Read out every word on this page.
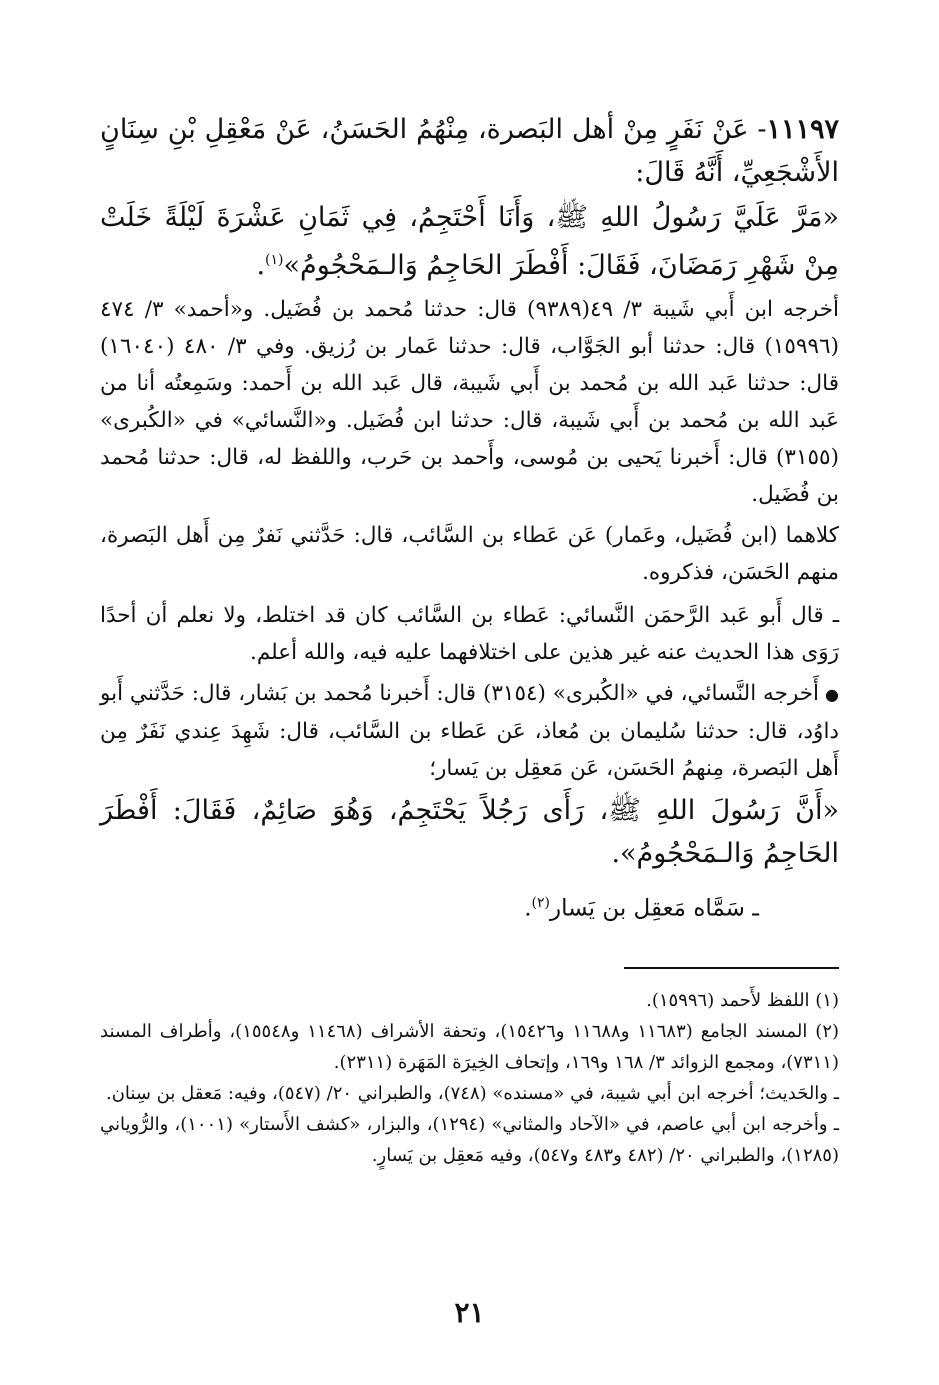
١١١٩٧- عَنْ نَفَرٍ مِنْ أهل البَصرة، مِنْهُمُ الحَسَنُ، عَنْ مَعْقِلِ بْنِ سِنَانٍ الأَشْجَعِيِّ، أَنَّهُ قَالَ:

«مَرَّ عَلَيَّ رَسُولُ اللهِ ﷺ، وَأَنَا أَحْتَجِمُ، فِي ثَمَانِ عَشْرَةَ لَيْلَةً خَلَتْ مِنْ شَهْرِ رَمَضَانَ، فَقَالَ: أَفْطَرَ الحَاجِمُ وَالـمَحْجُومُ»$^{(١)}$.

أخرجه ابن أَبي شَيبة ٣/ ٤٩(٩٣٨٩) قال: حدثنا مُحمد بن فُضَيل. و«أحمد» ٣/ ٤٧٤ (١٥٩٩٦) قال: حدثنا أبو الجَوَّاب، قال: حدثنا عَمار بن رُزيق. وفي ٣/ ٤٨٠ (١٦٠٤٠) قال: حدثنا عَبد الله بن مُحمد بن أَبي شَيبة، قال عَبد الله بن أَحمد: وسَمِعتُه أنا من عَبد الله بن مُحمد بن أَبي شَيبة، قال: حدثنا ابن فُضَيل. و«النَّسائي» في «الكُبرى» (٣١٥٥) قال: أَخبرنا يَحيى بن مُوسى، وأَحمد بن حَرب، واللفظ له، قال: حدثنا مُحمد بن فُضَيل.

كلاهما (ابن فُضَيل، وعَمار) عَن عَطاء بن السَّائب، قال: حَدَّثني نَفرٌ مِن أَهل البَصرة، منهم الحَسَن، فذكروه.

ـ قال أَبو عَبد الرَّحمَن النَّسائي: عَطاء بن السَّائب كان قد اختلط، ولا نعلم أن أحدًا رَوَى هذا الحديث عنه غير هذين على اختلافهما عليه فيه، والله أعلم.

●أَخرجه النَّسائي، في «الكُبرى» (٣١٥٤) قال: أَخبرنا مُحمد بن بَشار، قال: حَدَّثني أَبو داوُد، قال: حدثنا سُليمان بن مُعاذ، عَن عَطاء بن السَّائب، قال: شَهِدَ عِندي نَفَرٌ مِن أَهل البَصرة، مِنهمُ الحَسَن، عَن مَعقِل بن يَسار؛

«أَنَّ رَسُولَ اللهِ ﷺ، رَأَى رَجُلاً يَحْتَجِمُ، وَهُوَ صَائِمٌ، فَقَالَ: أَفْطَرَ الحَاجِمُ وَالـمَحْجُومُ».

ـ سَمَّاه مَعقِل بن يَسار$^{(٢)}$.

(١) اللفظ لأَحمد (١٥٩٩٦).

(٢) المسند الجامع (١١٦٨٣ و١١٦٨٨ و١٥٤٢٦)، وتحفة الأشراف (١١٤٦٨ و١٥٥٤٨)، وأطراف المسند (٧٣١١)، ومجمع الزوائد ٣/ ١٦٨ و١٦٩، وإتحاف الخِيرَة المَهَرة (٢٣١١).

ـ والحَديث؛ أخرجه ابن أبي شيبة، في «مسنده» (٧٤٨)، والطبراني ٢٠/ (٥٤٧)، وفيه: مَعقل بن سِنان.

ـ وأخرجه ابن أبي عاصم، في «الآحاد والمثاني» (١٢٩٤)، والبزار، «كشف الأَستار» (١٠٠١)، والرُّوياني (١٢٨٥)، والطبراني ٢٠/ (٤٨٢ و٤٨٣ و٥٤٧)، وفيه مَعقِل بن يَسارٍ.

٢١
